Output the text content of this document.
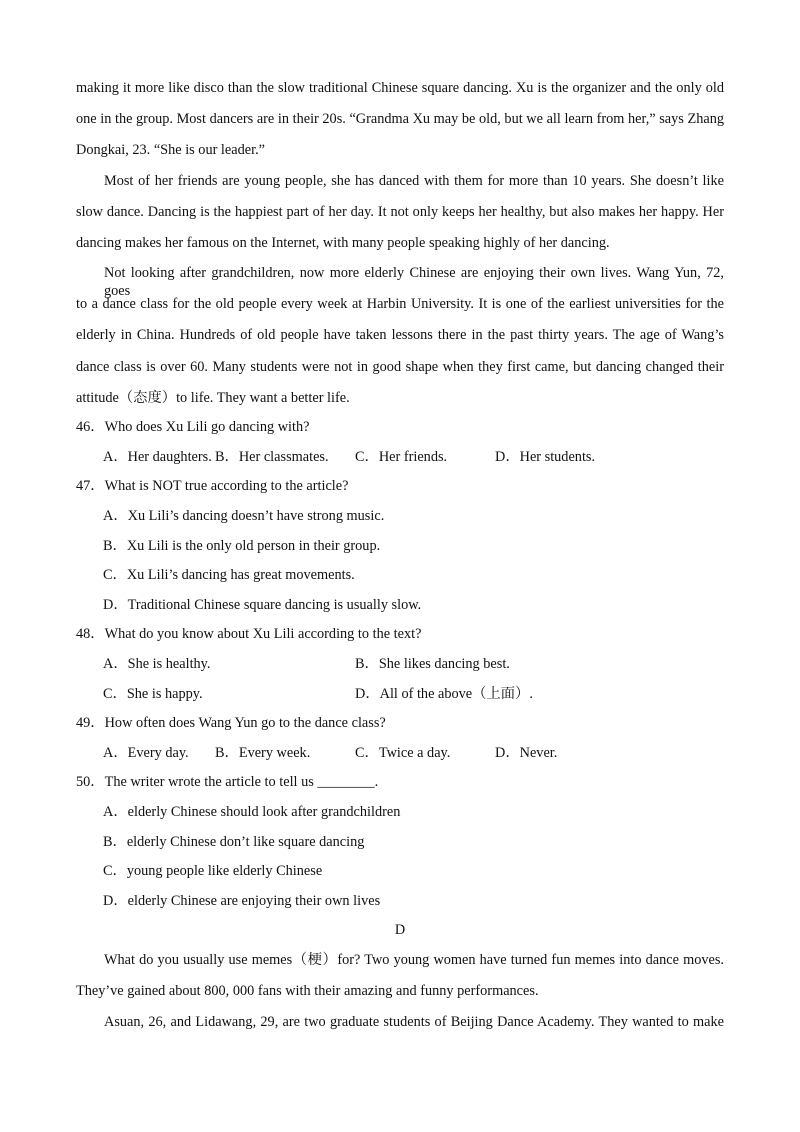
making it more like disco than the slow traditional Chinese square dancing. Xu is the organizer and the only old
one in the group. Most dancers are in their 20s. “Grandma Xu may be old, but we all learn from her,” says Zhang
Dongkai, 23. “She is our leader.”
Most of her friends are young people, she has danced with them for more than 10 years. She doesn’t like
slow dance. Dancing is the happiest part of her day. It not only keeps her healthy, but also makes her happy. Her
dancing makes her famous on the Internet, with many people speaking highly of her dancing.
Not looking after grandchildren, now more elderly Chinese are enjoying their own lives. Wang Yun, 72, goes
to a dance class for the old people every week at Harbin University. It is one of the earliest universities for the
elderly in China. Hundreds of old people have taken lessons there in the past thirty years. The age of Wang’s
dance class is over 60. Many students were not in good shape when they first came, but dancing changed their
attitude（态度）to life. They want a better life.
46．Who does Xu Lili go dancing with?
A．Her daughters. B．Her classmates. C．Her friends.	D．Her students.
47．What is NOT true according to the article?
A．Xu Lili’s dancing doesn’t have strong music.
B．Xu Lili is the only old person in their group.
C．Xu Lili’s dancing has great movements.
D．Traditional Chinese square dancing is usually slow.
48．What do you know about Xu Lili according to the text?
A．She is healthy.	B．She likes dancing best.
C．She is happy.	D．All of the above（上面）.
49．How often does Wang Yun go to the dance class?
A．Every day. B．Every week.	C．Twice a day.	D．Never.
50．The writer wrote the article to tell us ________.
A．elderly Chinese should look after grandchildren
B．elderly Chinese don’t like square dancing
C．young people like elderly Chinese
D．elderly Chinese are enjoying their own lives
D
What do you usually use memes（梗）for? Two young women have turned fun memes into dance moves.
They’ve gained about 800, 000 fans with their amazing and funny performances.
Asuan, 26, and Lidawang, 29, are two graduate students of Beijing Dance Academy. They wanted to make
